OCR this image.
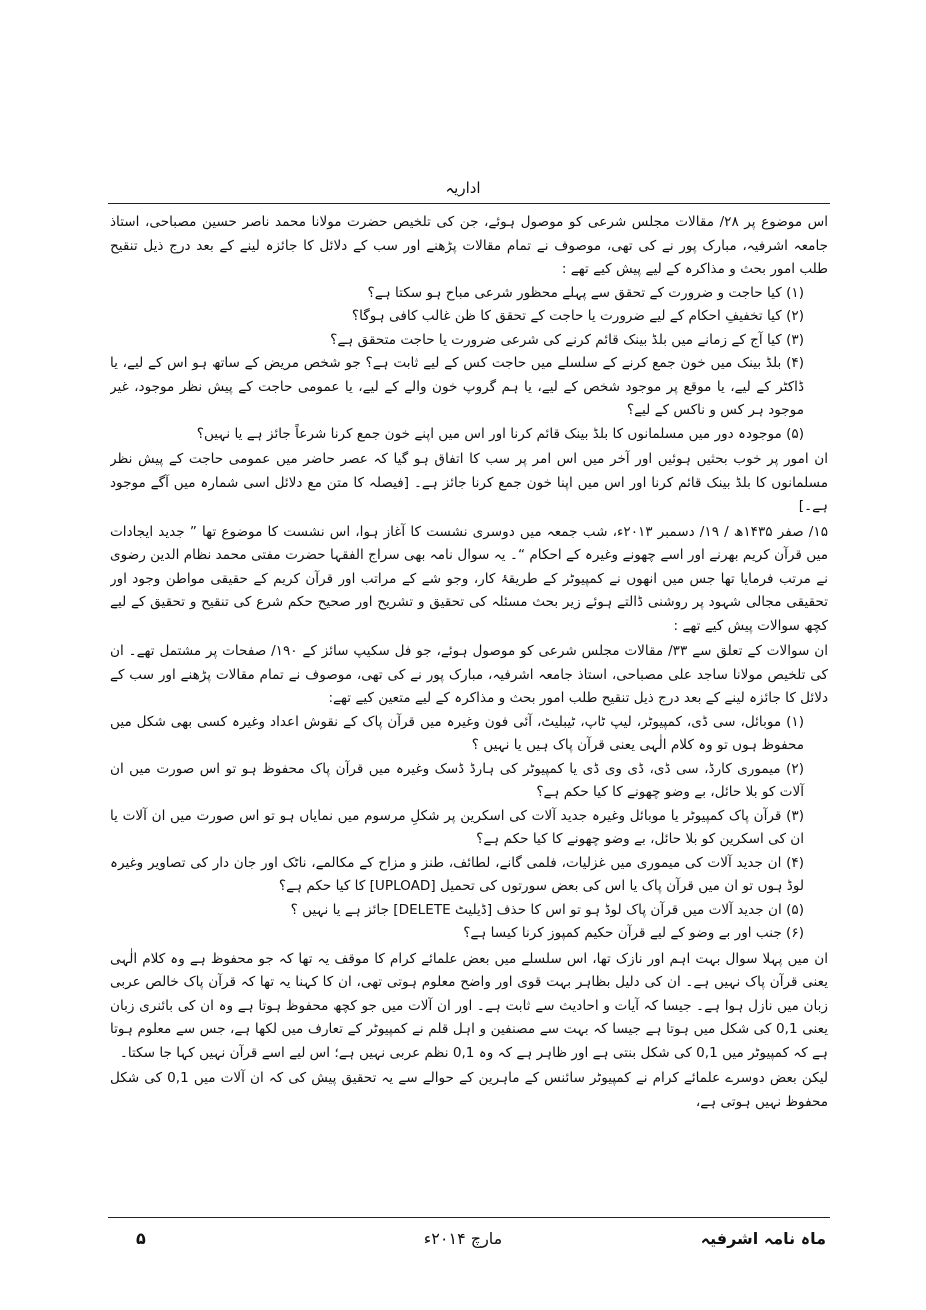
اداریہ

اس موضوع پر ۲۸/ مقالات مجلس شرعی کو موصول ہوئے، جن کی تلخیص حضرت مولانا محمد ناصر حسین مصباحی، استاذ جامعہ اشرفیہ، مبارک پور نے کی تھی، موصوف نے تمام مقالات پڑھنے اور سب کے دلائل کا جائزہ لینے کے بعد درج ذیل تنقیح طلب امور بحث و مذاکرہ کے لیے پیش کیے تھے :

(۱) کیا حاجت و ضرورت کے تحقق سے پہلے محظور شرعی مباح ہو سکتا ہے؟

(۲) کیا تخفیفِ احکام کے لیے ضرورت یا حاجت کے تحقق کا ظن غالب کافی ہوگا؟

(۳) کیا آج کے زمانے میں بلڈ بینک قائم کرنے کی شرعی ضرورت یا حاجت متحقق ہے؟

(۴) بلڈ بینک میں خون جمع کرنے کے سلسلے میں حاجت کس کے لیے ثابت ہے؟ جو شخص مریض کے ساتھ ہو اس کے لیے، یا ڈاکٹر کے لیے، یا موقع پر موجود شخص کے لیے، یا ہم گروپ خون والے کے لیے، یا عمومی حاجت کے پیش نظر موجود، غیر موجود ہر کس و ناکس کے لیے؟

(۵) موجودہ دور میں مسلمانوں کا بلڈ بینک قائم کرنا اور اس میں اپنے خون جمع کرنا شرعاً جائز ہے یا نہیں؟

ان امور پر خوب بحثیں ہوئیں اور آخر میں اس امر پر سب کا اتفاق ہو گیا کہ عصر حاضر میں عمومی حاجت کے پیش نظر مسلمانوں کا بلڈ بینک قائم کرنا اور اس میں اپنا خون جمع کرنا جائز ہے۔ [فیصلہ کا متن مع دلائل اسی شمارہ میں آگے موجود ہے۔]

۱۵/ صفر ۱۴۳۵ھ / ۱۹/ دسمبر ۲۰۱۳ء، شب جمعہ میں دوسری نشست کا آغاز ہوا، اس نشست کا موضوع تھا ” جدید ایجادات میں قرآن کریم بھرنے اور اسے چھونے وغیرہ کے احکام “۔ یہ سوال نامہ بھی سراج الفقہا حضرت مفتی محمد نظام الدین رضوی نے مرتب فرمایا تھا جس میں انھوں نے کمپیوٹر کے طریقۂ کار، وجو شے کے مراتب اور قرآن کریم کے حقیقی مواطن وجود اور تحقیقی مجالی شہود پر روشنی ڈالتے ہوئے زیر بحث مسئلہ کی تحقیق و تشریح اور صحیح حکم شرع کی تنقیح و تحقیق کے لیے کچھ سوالات پیش کیے تھے :

ان سوالات کے تعلق سے ۳۳/ مقالات مجلس شرعی کو موصول ہوئے، جو فل سکیپ سائز کے ۱۹۰/ صفحات پر مشتمل تھے۔ ان کی تلخیص مولانا ساجد علی مصباحی، استاذ جامعہ اشرفیہ، مبارک پور نے کی تھی، موصوف نے تمام مقالات پڑھنے اور سب کے دلائل کا جائزہ لینے کے بعد درج ذیل تنقیح طلب امور بحث و مذاکرہ کے لیے متعین کیے تھے:

(۱) موبائل، سی ڈی، کمپیوٹر، لیپ ٹاپ، ٹیبلیٹ، آئی فون وغیرہ میں قرآن پاک کے نقوش اعداد وغیرہ کسی بھی شکل میں محفوظ ہوں تو وہ کلام الٰہی یعنی قرآن پاک ہیں یا نہیں ؟

(۲) میموری کارڈ، سی ڈی، ڈی وی ڈی یا کمپیوٹر کی ہارڈ ڈسک وغیرہ میں قرآن پاک محفوظ ہو تو اس صورت میں ان آلات کو بلا حائل، بے وضو چھونے کا کیا حکم ہے؟

(۳) قرآن پاک کمپیوٹر یا موبائل وغیرہ جدید آلات کی اسکرین پر شکلِ مرسوم میں نمایاں ہو تو اس صورت میں ان آلات یا ان کی اسکرین کو بلا حائل، بے وضو چھونے کا کیا حکم ہے؟

(۴) ان جدید آلات کی میموری میں غزلیات، فلمی گانے، لطائف، طنز و مزاح کے مکالمے، ناٹک اور جان دار کی تصاویر وغیرہ لوڈ ہوں تو ان میں قرآن پاک یا اس کی بعض سورتوں کی تحمیل [UPLOAD] کا کیا حکم ہے؟

(۵) ان جدید آلات میں قرآن پاک لوڈ ہو تو اس کا حذف [ڈیلیٹ DELETE] جائز ہے یا نہیں ؟

(۶) جنب اور بے وضو کے لیے قرآن حکیم کمپوز کرنا کیسا ہے؟

ان میں پہلا سوال بہت اہم اور نازک تھا، اس سلسلے میں بعض علمائے کرام کا موقف یہ تھا کہ جو محفوظ ہے وہ کلام الٰہی یعنی قرآن پاک نہیں ہے۔ ان کی دلیل بظاہر بہت قوی اور واضح معلوم ہوتی تھی، ان کا کہنا یہ تھا کہ قرآن پاک خالص عربی زبان میں نازل ہوا ہے۔ جیسا کہ آیات و احادیث سے ثابت ہے۔ اور ان آلات میں جو کچھ محفوظ ہوتا ہے وہ ان کی بائنری زبان یعنی 0,1 کی شکل میں ہوتا ہے جیسا کہ بہت سے مصنفین و اہل قلم نے کمپیوٹر کے تعارف میں لکھا ہے، جس سے معلوم ہوتا ہے کہ کمپیوٹر میں 0,1 کی شکل بنتی ہے اور ظاہر ہے کہ وہ 0,1 نظم عربی نہیں ہے؛ اس لیے اسے قرآن نہیں کہا جا سکتا۔

لیکن بعض دوسرے علمائے کرام نے کمپیوٹر سائنس کے ماہرین کے حوالے سے یہ تحقیق پیش کی کہ ان آلات میں 0,1 کی شکل محفوظ نہیں ہوتی ہے،

ماہ نامہ اشرفیہ
مارچ ۲۰۱۴ء
۵
